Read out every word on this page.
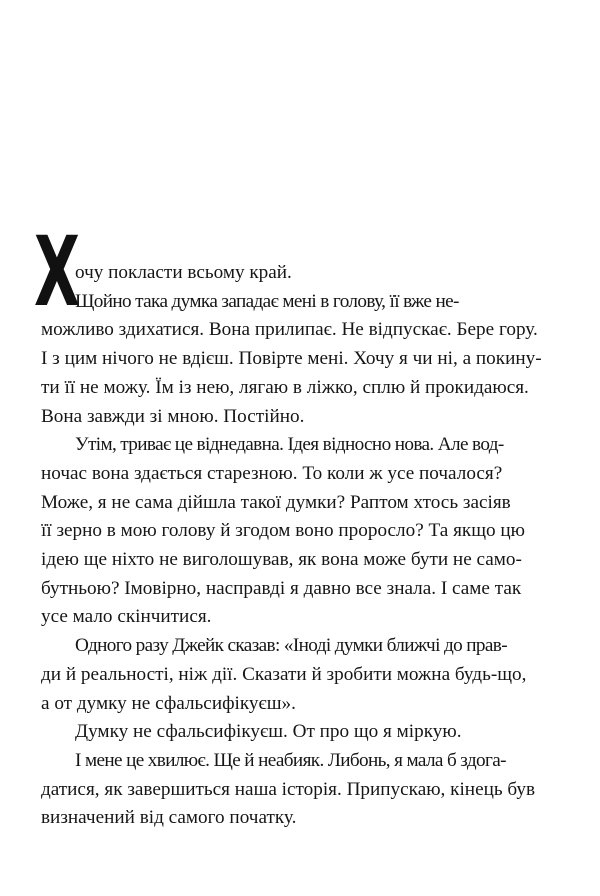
Х
очу покласти всьому край.
Щойно така думка западає мені в голову, її вже не-
можливо здихатися. Вона прилипає. Не відпускає. Бере гору.
І з цим нічого не вдієш. Повірте мені. Хочу я чи ні, а покину-
ти її не можу. Їм із нею, лягаю в ліжко, сплю й прокидаюся.
Вона завжди зі мною. Постійно.
Утім, триває це віднедавна. Ідея відносно нова. Але вод-
ночас вона здається старезною. То коли ж усе почалося?
Може, я не сама дійшла такої думки? Раптом хтось засіяв
її зерно в мою голову й згодом воно проросло? Та якщо цю
ідею ще ніхто не виголошував, як вона може бути не само-
бутньою? Імовірно, насправді я давно все знала. І саме так
усе мало скінчитися.
Одного разу Джейк сказав: «Іноді думки ближчі до прав-
ди й реальності, ніж дії. Сказати й зробити можна будь-що,
а от думку не сфальсифікуєш».
Думку не сфальсифікуєш. От про що я міркую.
І мене це хвилює. Ще й неабияк. Либонь, я мала б здога-
датися, як завершиться наша історія. Припускаю, кінець був
визначений від самого початку.
